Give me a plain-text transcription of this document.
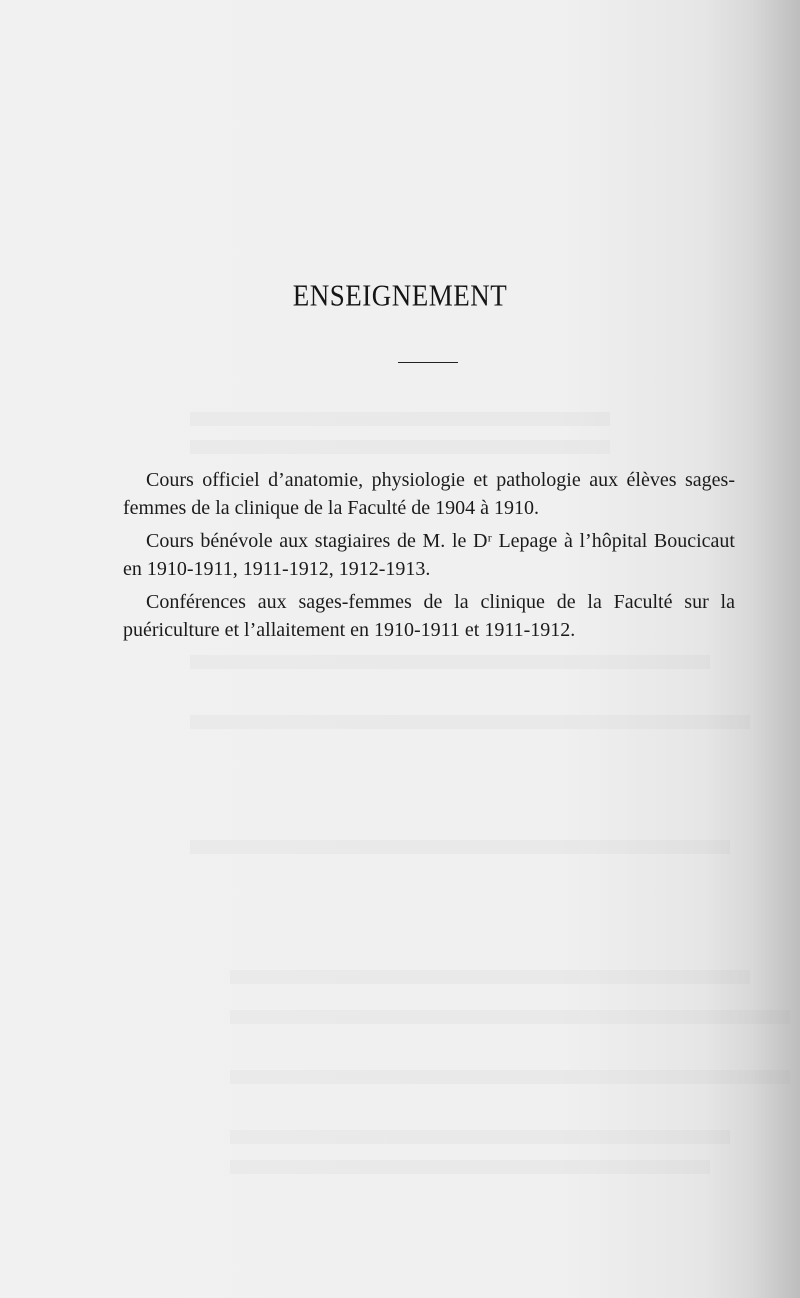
ENSEIGNEMENT

Cours officiel d’anatomie, physiologie et pathologie aux élèves sages-femmes de la clinique de la Faculté de 1904 à 1910.

Cours bénévole aux stagiaires de M. le Dʳ Lepage à l’hôpital Boucicaut en 1910-1911, 1911-1912, 1912-1913.

Conférences aux sages-femmes de la clinique de la Faculté sur la puériculture et l’allaitement en 1910-1911 et 1911-1912.
